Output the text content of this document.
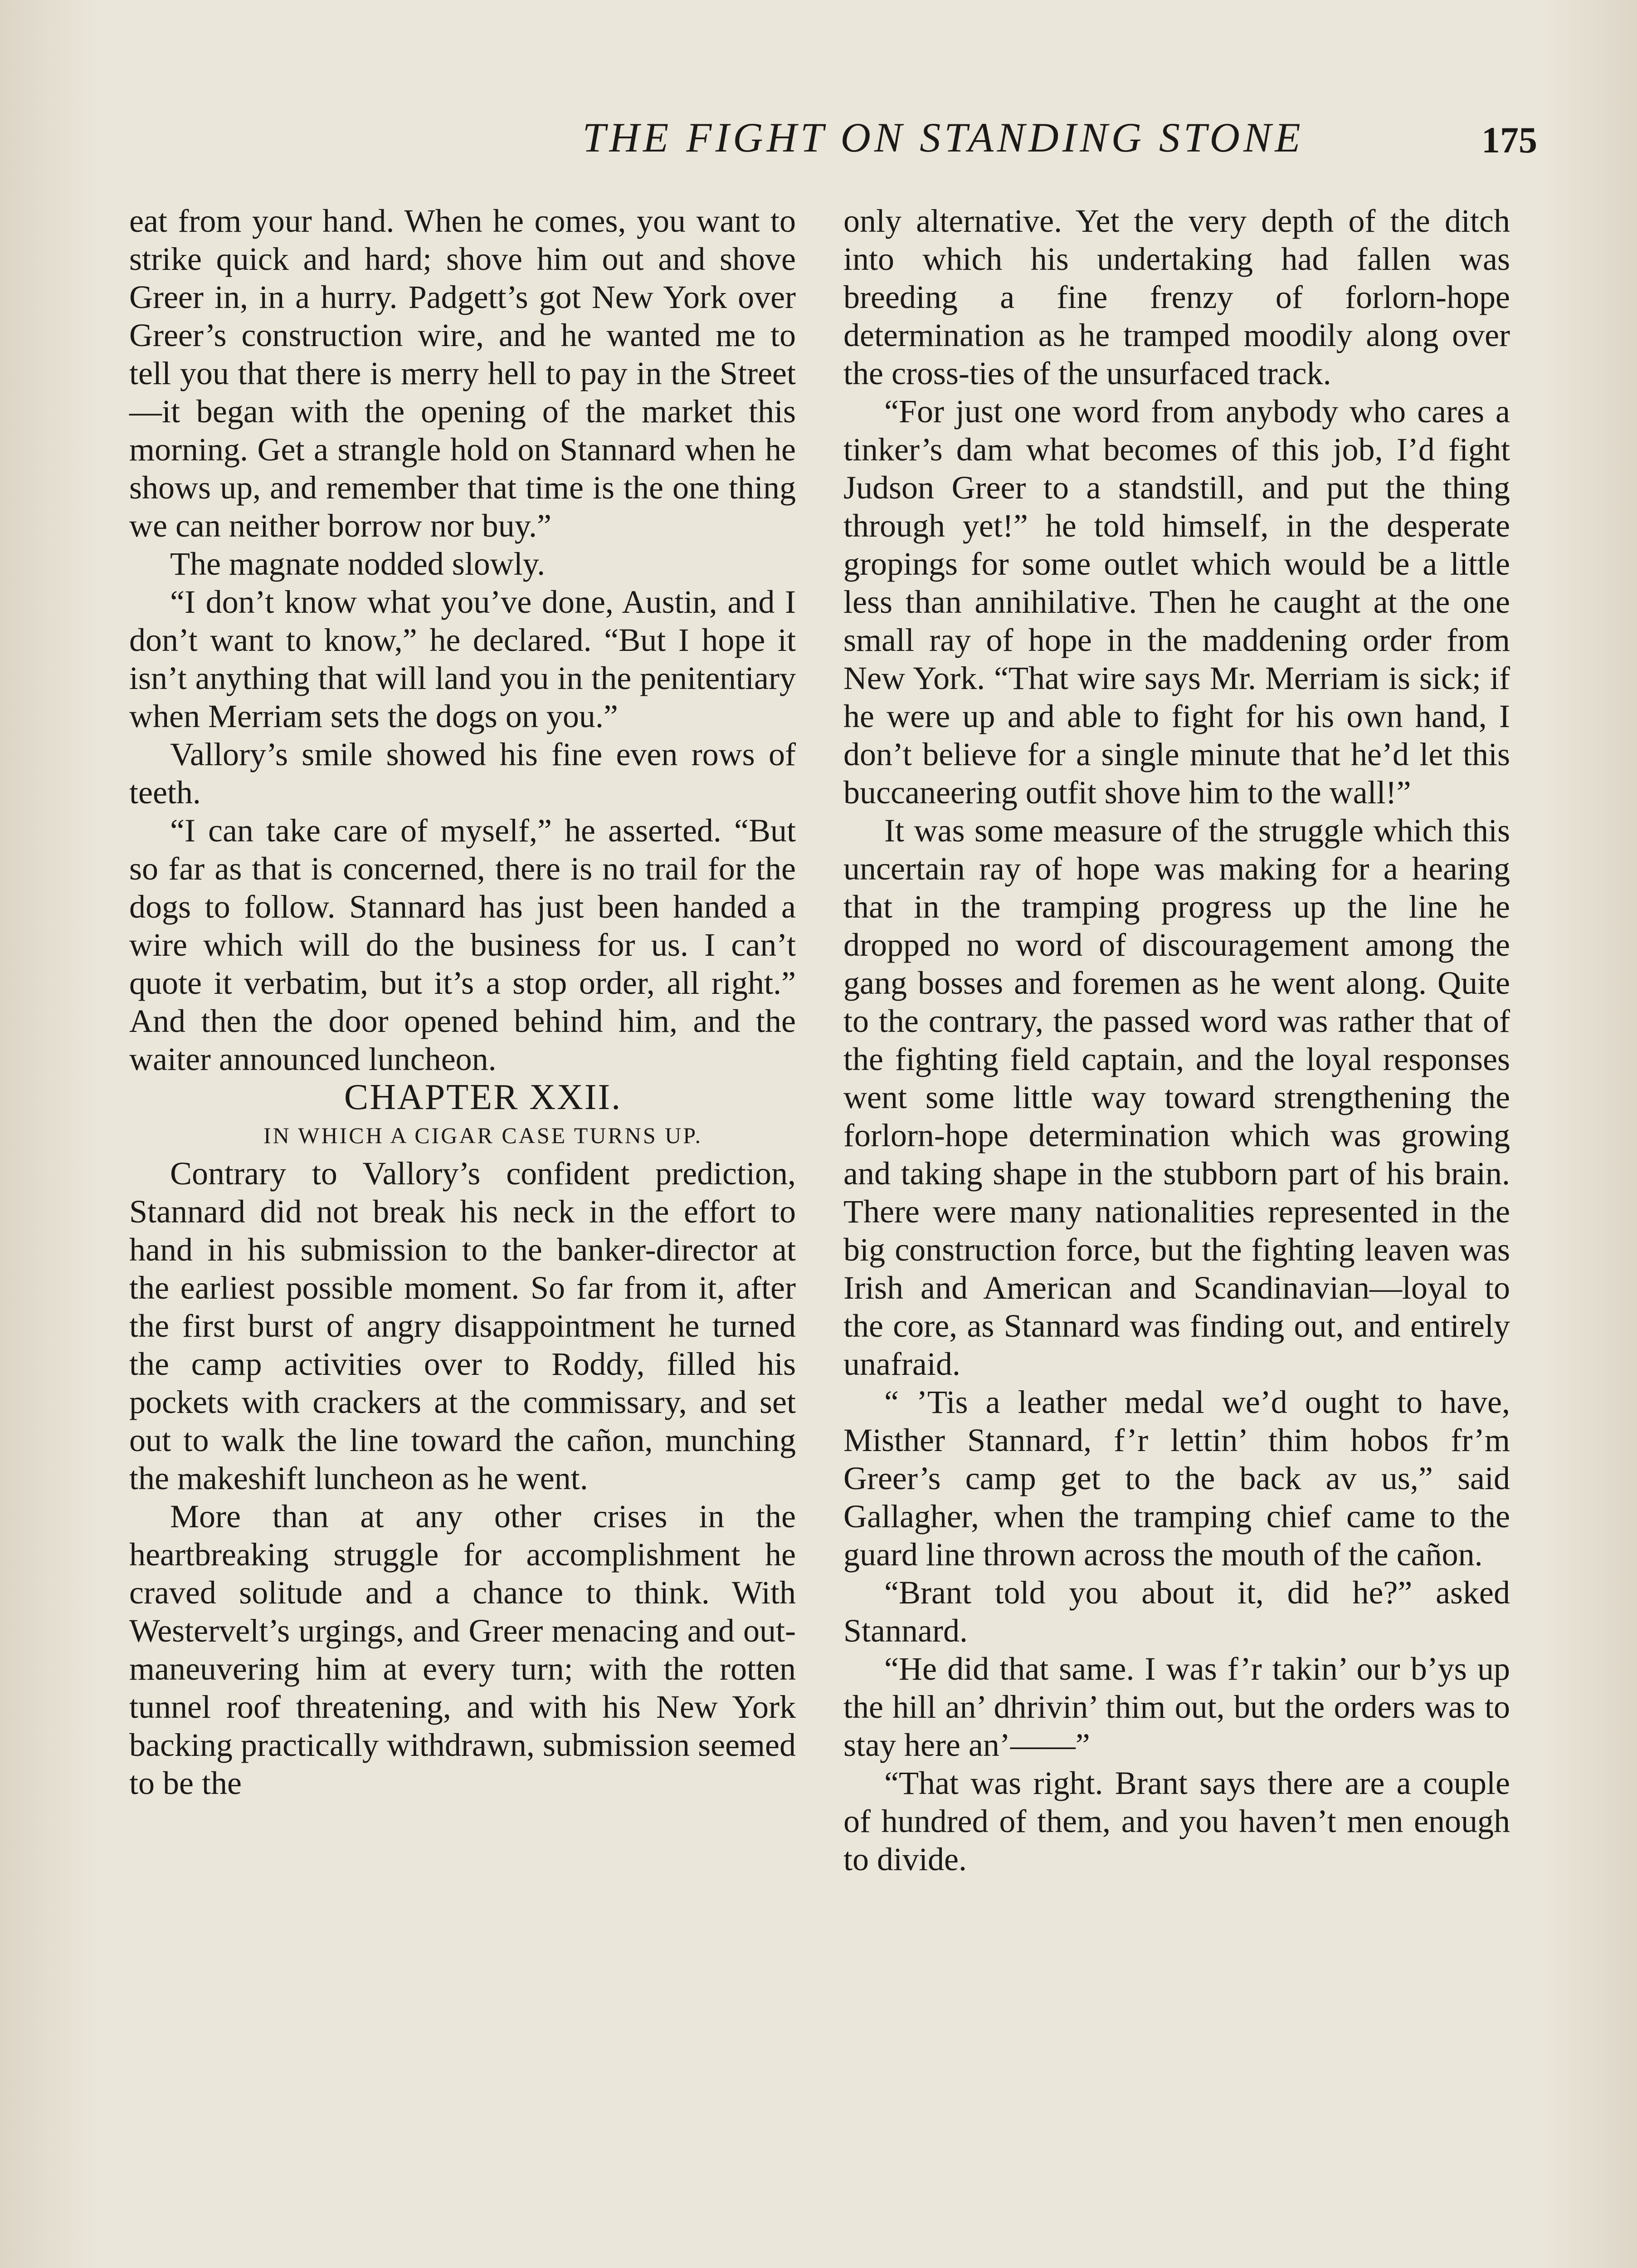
THE FIGHT ON STANDING STONE	175

eat from your hand. When he comes, you want to strike quick and hard; shove him out and shove Greer in, in a hurry. Padgett’s got New York over Greer’s construction wire, and he wanted me to tell you that there is merry hell to pay in the Street—it began with the opening of the market this morning. Get a strangle hold on Stannard when he shows up, and remember that time is the one thing we can neither borrow nor buy.”

The magnate nodded slowly.

“I don’t know what you’ve done, Austin, and I don’t want to know,” he declared. “But I hope it isn’t anything that will land you in the penitentiary when Merriam sets the dogs on you.”

Vallory’s smile showed his fine even rows of teeth.

“I can take care of myself,” he asserted. “But so far as that is concerned, there is no trail for the dogs to follow. Stannard has just been handed a wire which will do the business for us. I can’t quote it verbatim, but it’s a stop order, all right.” And then the door opened behind him, and the waiter announced luncheon.

CHAPTER XXII.

IN WHICH A CIGAR CASE TURNS UP.

Contrary to Vallory’s confident prediction, Stannard did not break his neck in the effort to hand in his submission to the banker-director at the earliest possible moment. So far from it, after the first burst of angry disappointment he turned the camp activities over to Roddy, filled his pockets with crackers at the commissary, and set out to walk the line toward the cañon, munching the makeshift luncheon as he went.

More than at any other crises in the heartbreaking struggle for accomplishment he craved solitude and a chance to think. With Westervelt’s urgings, and Greer menacing and out-maneuvering him at every turn; with the rotten tunnel roof threatening, and with his New York backing practically withdrawn, submission seemed to be the

only alternative. Yet the very depth of the ditch into which his undertaking had fallen was breeding a fine frenzy of forlorn-hope determination as he tramped moodily along over the cross-ties of the unsurfaced track.

“For just one word from anybody who cares a tinker’s dam what becomes of this job, I’d fight Judson Greer to a standstill, and put the thing through yet!” he told himself, in the desperate gropings for some outlet which would be a little less than annihilative. Then he caught at the one small ray of hope in the maddening order from New York. “That wire says Mr. Merriam is sick; if he were up and able to fight for his own hand, I don’t believe for a single minute that he’d let this buccaneering outfit shove him to the wall!”

It was some measure of the struggle which this uncertain ray of hope was making for a hearing that in the tramping progress up the line he dropped no word of discouragement among the gang bosses and foremen as he went along. Quite to the contrary, the passed word was rather that of the fighting field captain, and the loyal responses went some little way toward strengthening the forlorn-hope determination which was growing and taking shape in the stubborn part of his brain. There were many nationalities represented in the big construction force, but the fighting leaven was Irish and American and Scandinavian—loyal to the core, as Stannard was finding out, and entirely unafraid.

“ ’Tis a leather medal we’d ought to have, Misther Stannard, f’r lettin’ thim hobos fr’m Greer’s camp get to the back av us,” said Gallagher, when the tramping chief came to the guard line thrown across the mouth of the cañon.

“Brant told you about it, did he?” asked Stannard.

“He did that same. I was f’r takin’ our b’ys up the hill an’ dhrivin’ thim out, but the orders was to stay here an’——”

“That was right. Brant says there are a couple of hundred of them, and you haven’t men enough to divide.
